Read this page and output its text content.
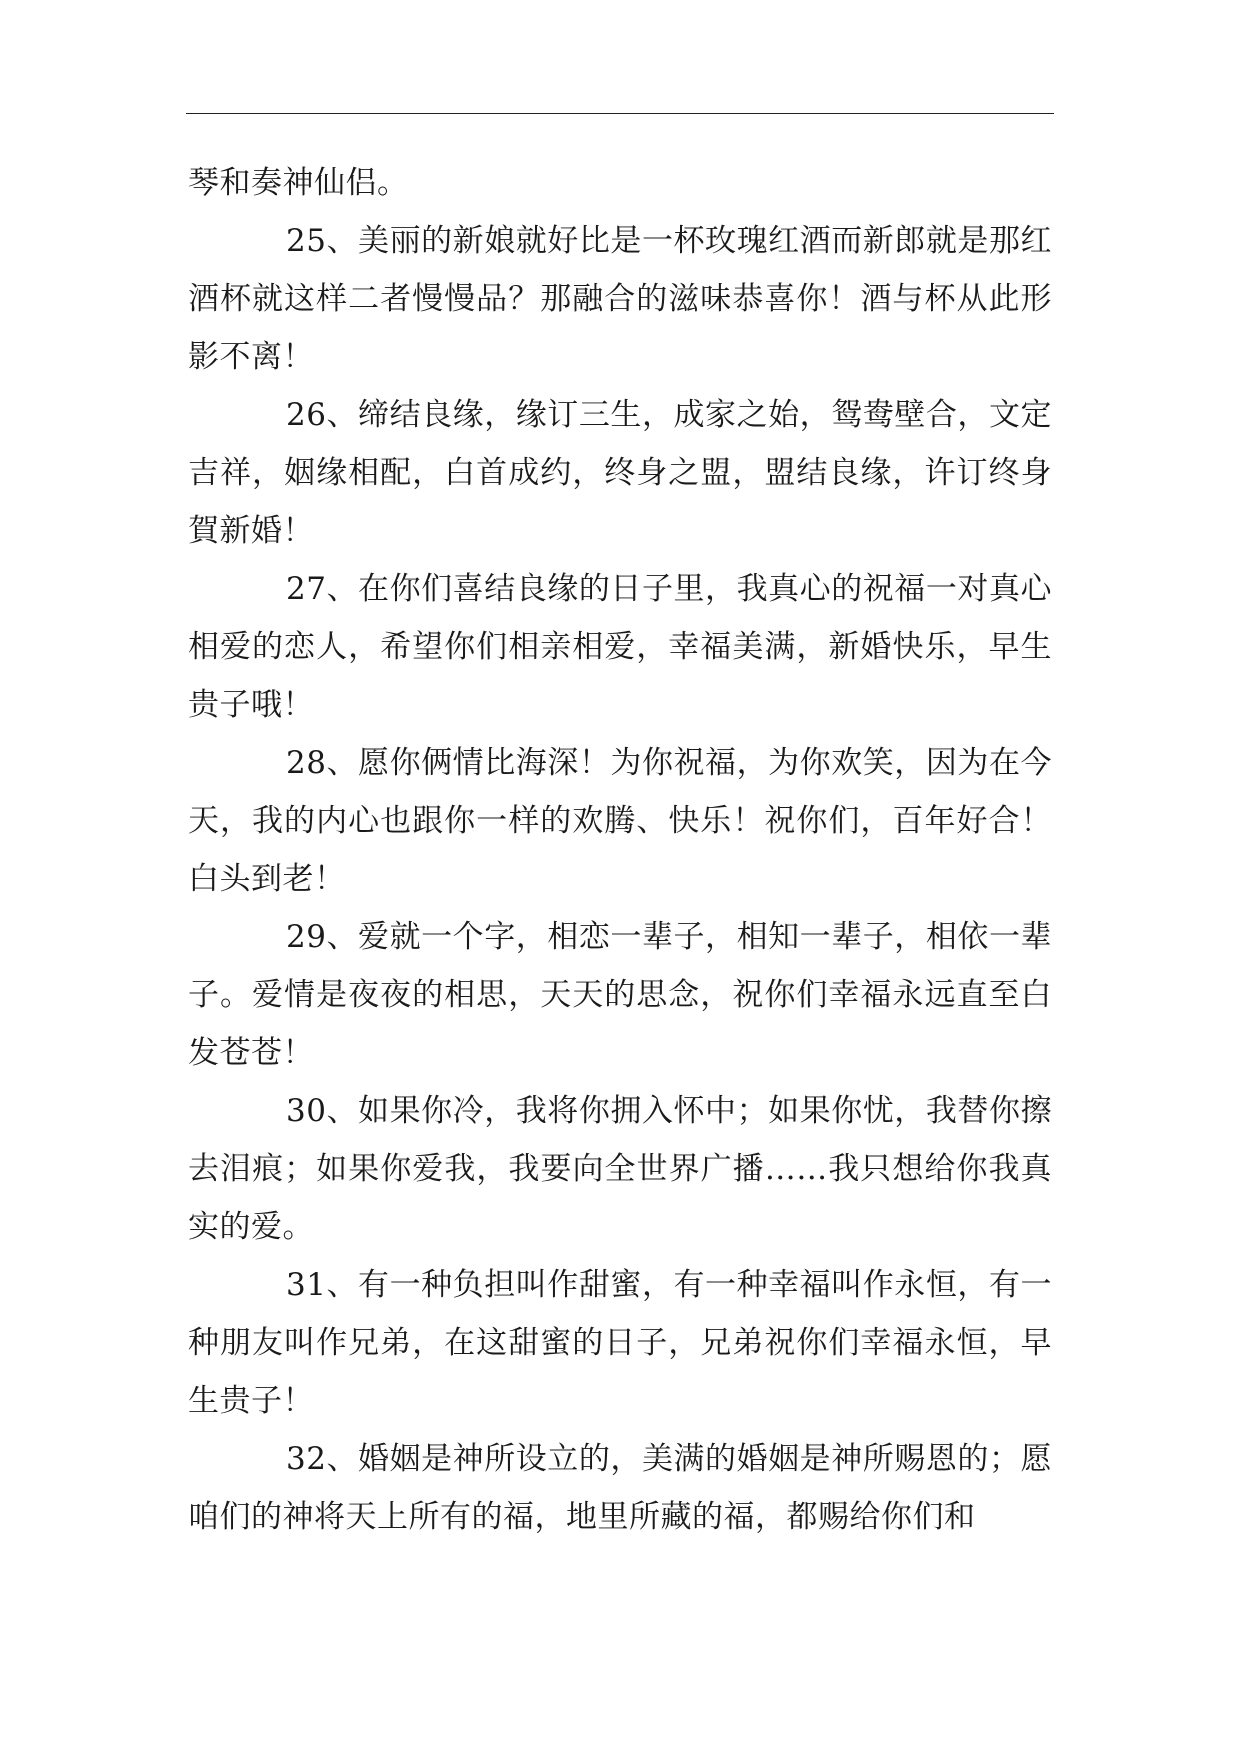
琴和奏神仙侣。

25、美丽的新娘就好比是一杯玫瑰红酒而新郎就是那红酒杯就这样二者慢慢品？那融合的滋味恭喜你！酒与杯从此形影不离！

26、缔结良缘，缘订三生，成家之始，鸳鸯壁合，文定吉祥，姻缘相配，白首成约，终身之盟，盟结良缘，许订终身賀新婚！

27、在你们喜结良缘的日子里，我真心的祝福一对真心相爱的恋人，希望你们相亲相爱，幸福美满，新婚快乐，早生贵子哦！

28、愿你俩情比海深！为你祝福，为你欢笑，因为在今天，我的内心也跟你一样的欢腾、快乐！祝你们，百年好合！白头到老！

29、爱就一个字，相恋一辈子，相知一辈子，相依一辈子。爱情是夜夜的相思，天天的思念，祝你们幸福永远直至白发苍苍！

30、如果你冷，我将你拥入怀中；如果你忧，我替你擦去泪痕；如果你爱我，我要向全世界广播……我只想给你我真实的爱。

31、有一种负担叫作甜蜜，有一种幸福叫作永恒，有一种朋友叫作兄弟，在这甜蜜的日子，兄弟祝你们幸福永恒，早生贵子！

32、婚姻是神所设立的，美满的婚姻是神所赐恩的；愿咱们的神将天上所有的福，地里所藏的福，都赐给你们和
